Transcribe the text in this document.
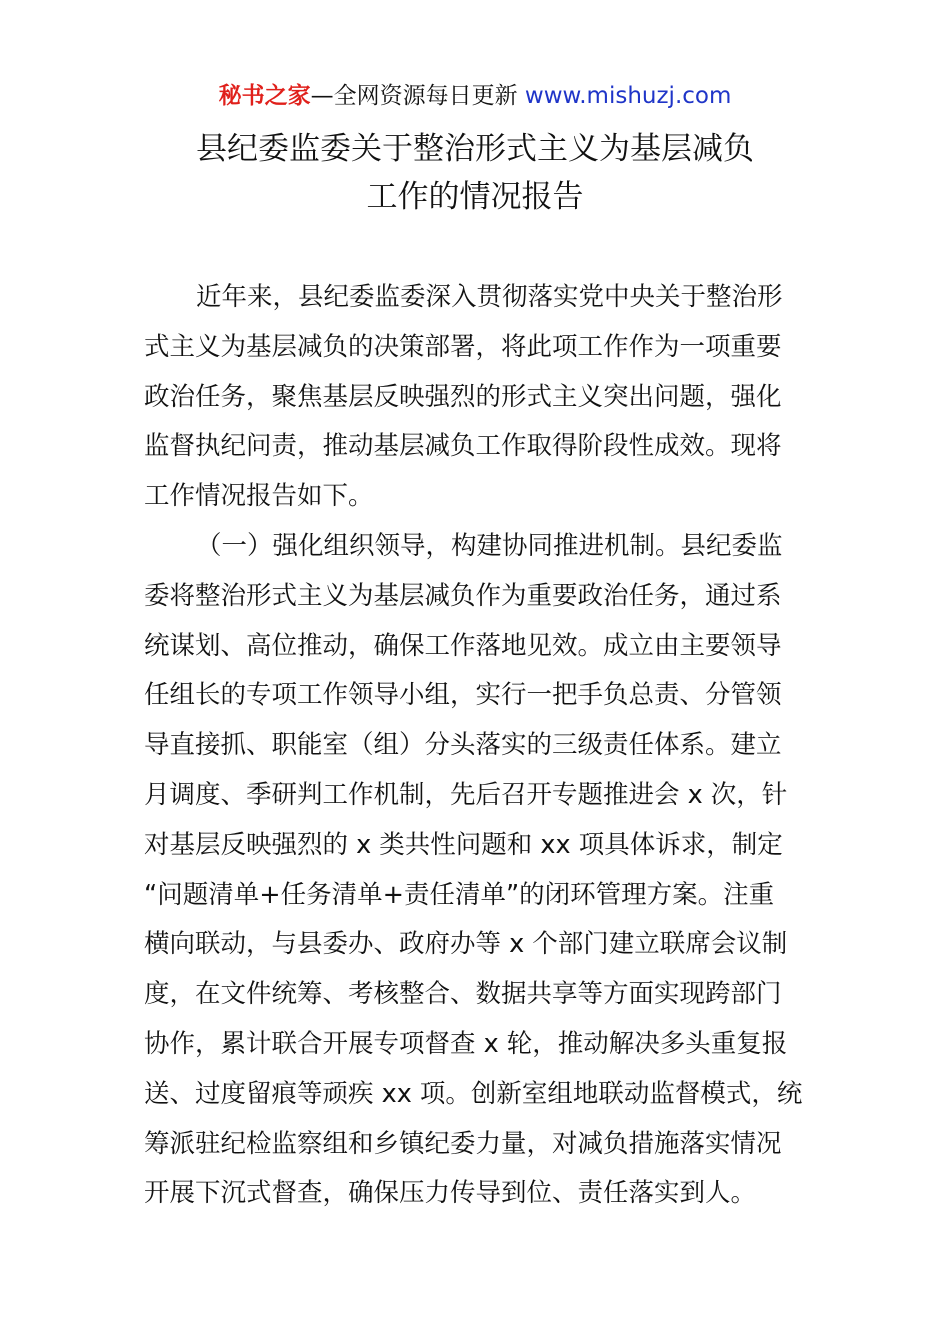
秘书之家—全网资源每日更新 www.mishuzj.com
县纪委监委关于整治形式主义为基层减负
工作的情况报告
近年来，县纪委监委深入贯彻落实党中央关于整治形
式主义为基层减负的决策部署，将此项工作作为一项重要
政治任务，聚焦基层反映强烈的形式主义突出问题，强化
监督执纪问责，推动基层减负工作取得阶段性成效。现将
工作情况报告如下。
（一）强化组织领导，构建协同推进机制。县纪委监
委将整治形式主义为基层减负作为重要政治任务，通过系
统谋划、高位推动，确保工作落地见效。成立由主要领导
任组长的专项工作领导小组，实行一把手负总责、分管领
导直接抓、职能室（组）分头落实的三级责任体系。建立
月调度、季研判工作机制，先后召开专题推进会 x 次，针
对基层反映强烈的 x 类共性问题和 xx 项具体诉求，制定
“问题清单+任务清单+责任清单”的闭环管理方案。注重
横向联动，与县委办、政府办等 x 个部门建立联席会议制
度，在文件统筹、考核整合、数据共享等方面实现跨部门
协作，累计联合开展专项督查 x 轮，推动解决多头重复报
送、过度留痕等顽疾 xx 项。创新室组地联动监督模式，统
筹派驻纪检监察组和乡镇纪委力量，对减负措施落实情况
开展下沉式督查，确保压力传导到位、责任落实到人。
